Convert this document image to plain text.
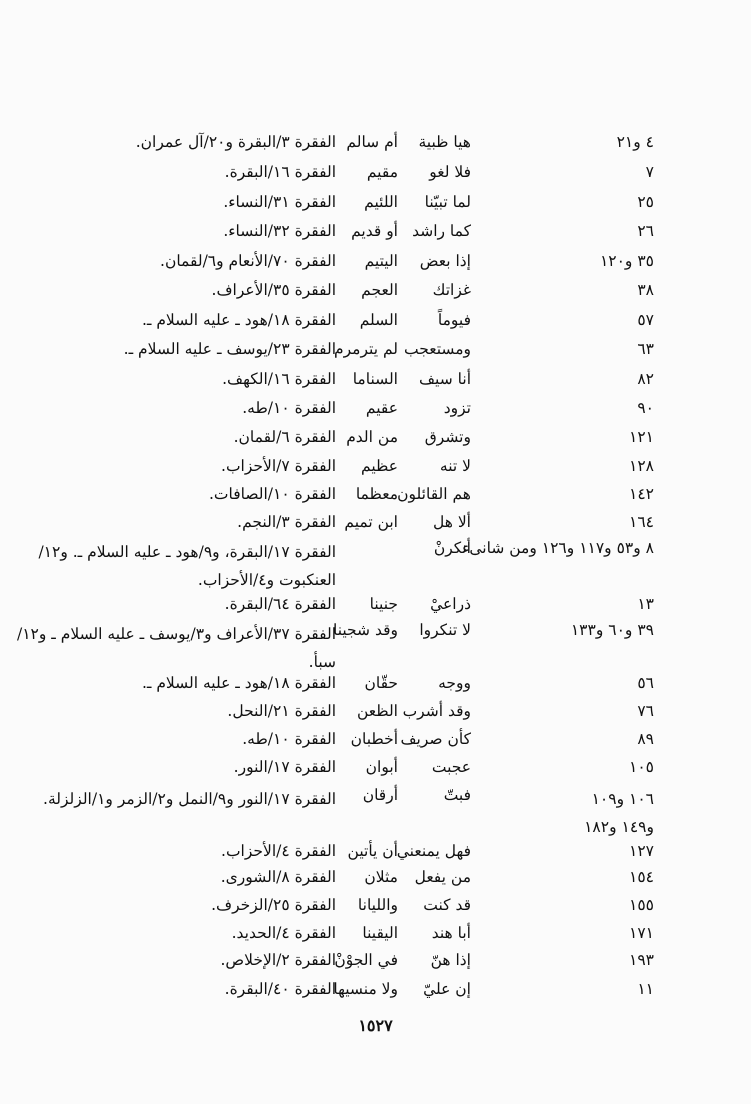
٤ و٢١
هيا ظبية
أم سالم
الفقرة ٣/البقرة و٢٠/آل عمران.
٧
فلا لغو
مقيم
الفقرة ١٦/البقرة.
٢٥
لما تبيّنا
اللئيم
الفقرة ٣١/النساء.
٢٦
كما راشد
أو قديم
الفقرة ٣٢/النساء.
٣٥ و١٢٠
إذا بعض
اليتيم
الفقرة ٧٠/الأنعام و٦/لقمان.
٣٨
غزاتك
العجم
الفقرة ٣٥/الأعراف.
٥٧
فيوماً
السلم
الفقرة ١٨/هود ـ عليه السلام ـ.
٦٣
ومستعجب
لم يترمرم
الفقرة ٢٣/يوسف ـ عليه السلام ـ.
٨٢
أنا سيف
السناما
الفقرة ١٦/الكهف.
٩٠
تزود
عقيم
الفقرة ١٠/طه.
١٢١
وتشرق
من الدم
الفقرة ٦/لقمان.
١٢٨
لا تنه
عظيم
الفقرة ٧/الأحزاب.
١٤٢
هم القائلون
معظما
الفقرة ١٠/الصافات.
١٦٤
ألا هل
ابن تميم
الفقرة ٣/النجم.
٨ و٥٣ و١١٧ و١٢٦ ومن شانىء
أنكرنْ
الفقرة ١٧/البقرة، و٩/هود ـ عليه السلام ـ. و١٢/العنكبوت و٤/الأحزاب.
١٣
ذراعيْ
جنينا
الفقرة ٦٤/البقرة.
٣٩ و٦٠ و١٣٣
لا تنكروا
وقد شجينا
الفقرة ٣٧/الأعراف و٣/يوسف ـ عليه السلام ـ و١٢/سبأ.
٥٦
ووجه
حقّان
الفقرة ١٨/هود ـ عليه السلام ـ.
٧٦
وقد أشرب
الظعن
الفقرة ٢١/النحل.
٨٩
كأن صريف
أخطبان
الفقرة ١٠/طه.
١٠٥
عجبت
أبوان
الفقرة ١٧/النور.
١٠٦ و١٠٩ و١٤٩ و١٨٢
فبتّ
أرقان
الفقرة ١٧/النور و٩/النمل و٢/الزمر و١/الزلزلة.
١٢٧
فهل يمنعني
أن يأتين
الفقرة ٤/الأحزاب.
١٥٤
من يفعل
مثلان
الفقرة ٨/الشورى.
١٥٥
قد كنت
والليانا
الفقرة ٢٥/الزخرف.
١٧١
أبا هند
اليقينا
الفقرة ٤/الحديد.
١٩٣
إذا هنّ
في الجوْنْ
الفقرة ٢/الإخلاص.
١١
إن عليّ
ولا منسيها
الفقرة ٤٠/البقرة.
١٥٢٧
